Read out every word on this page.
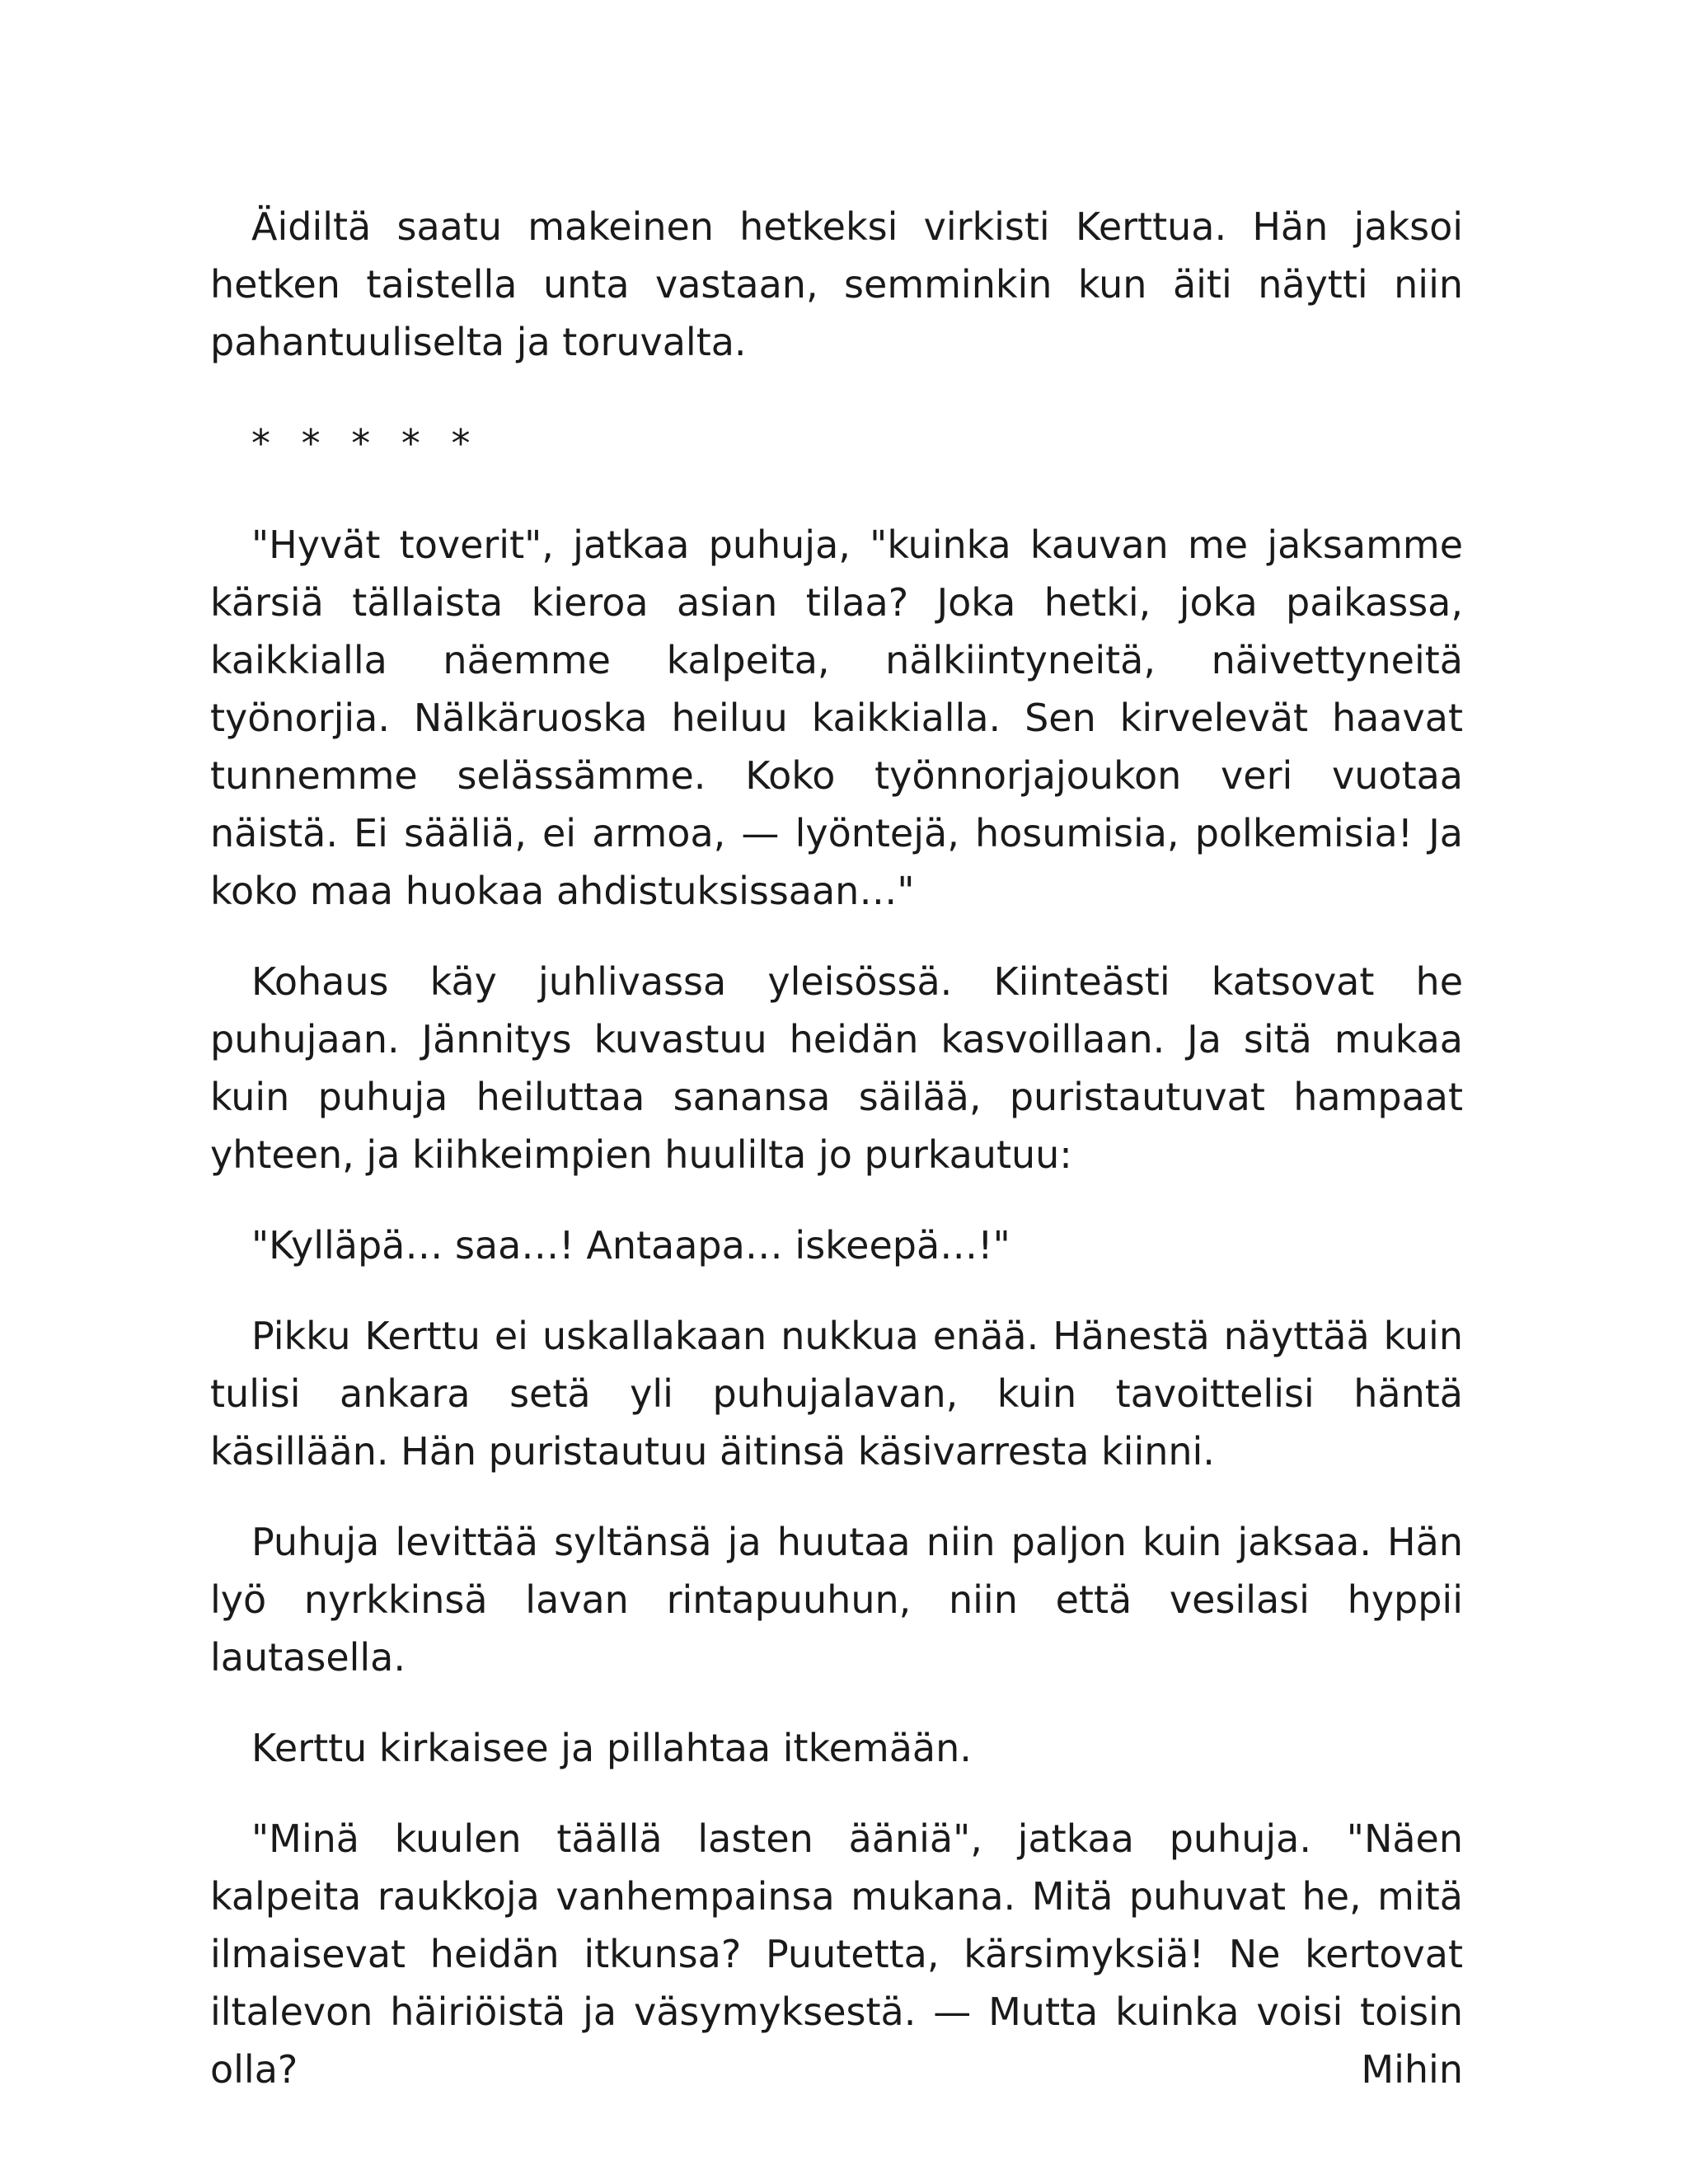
Äidiltä saatu makeinen hetkeksi virkisti Kerttua. Hän jaksoi hetken taistella unta vastaan, semminkin kun äiti näytti niin pahantuuliselta ja toruvalta.

* * * * *

"Hyvät toverit", jatkaa puhuja, "kuinka kauvan me jaksamme kärsiä tällaista kieroa asian tilaa? Joka hetki, joka paikassa, kaikkialla näemme kalpeita, nälkiintyneitä, näivettyneitä työnorjia. Nälkäruoska heiluu kaikkialla. Sen kirvelevät haavat tunnemme selässämme. Koko työnnorjajoukon veri vuotaa näistä. Ei sääliä, ei armoa, — lyöntejä, hosumisia, polkemisia! Ja koko maa huokaa ahdistuksissaan…"

Kohaus käy juhlivassa yleisössä. Kiinteästi katsovat he puhujaan. Jännitys kuvastuu heidän kasvoillaan. Ja sitä mukaa kuin puhuja heiluttaa sanansa säilää, puristautuvat hampaat yhteen, ja kiihkeimpien huulilta jo purkautuu:

"Kylläpä… saa…! Antaapa… iskeepä…!"

Pikku Kerttu ei uskallakaan nukkua enää. Hänestä näyttää kuin tulisi ankara setä yli puhujalavan, kuin tavoittelisi häntä käsillään. Hän puristautuu äitinsä käsivarresta kiinni.

Puhuja levittää syltänsä ja huutaa niin paljon kuin jaksaa. Hän lyö nyrkkinsä lavan rintapuuhun, niin että vesilasi hyppii lautasella.

Kerttu kirkaisee ja pillahtaa itkemään.

"Minä kuulen täällä lasten ääniä", jatkaa puhuja. "Näen kalpeita raukkoja vanhempainsa mukana. Mitä puhuvat he, mitä ilmaisevat heidän itkunsa? Puutetta, kärsimyksiä! Ne kertovat iltalevon häiriöistä ja väsymyksestä. — Mutta kuinka voisi toisin olla? Mihin
